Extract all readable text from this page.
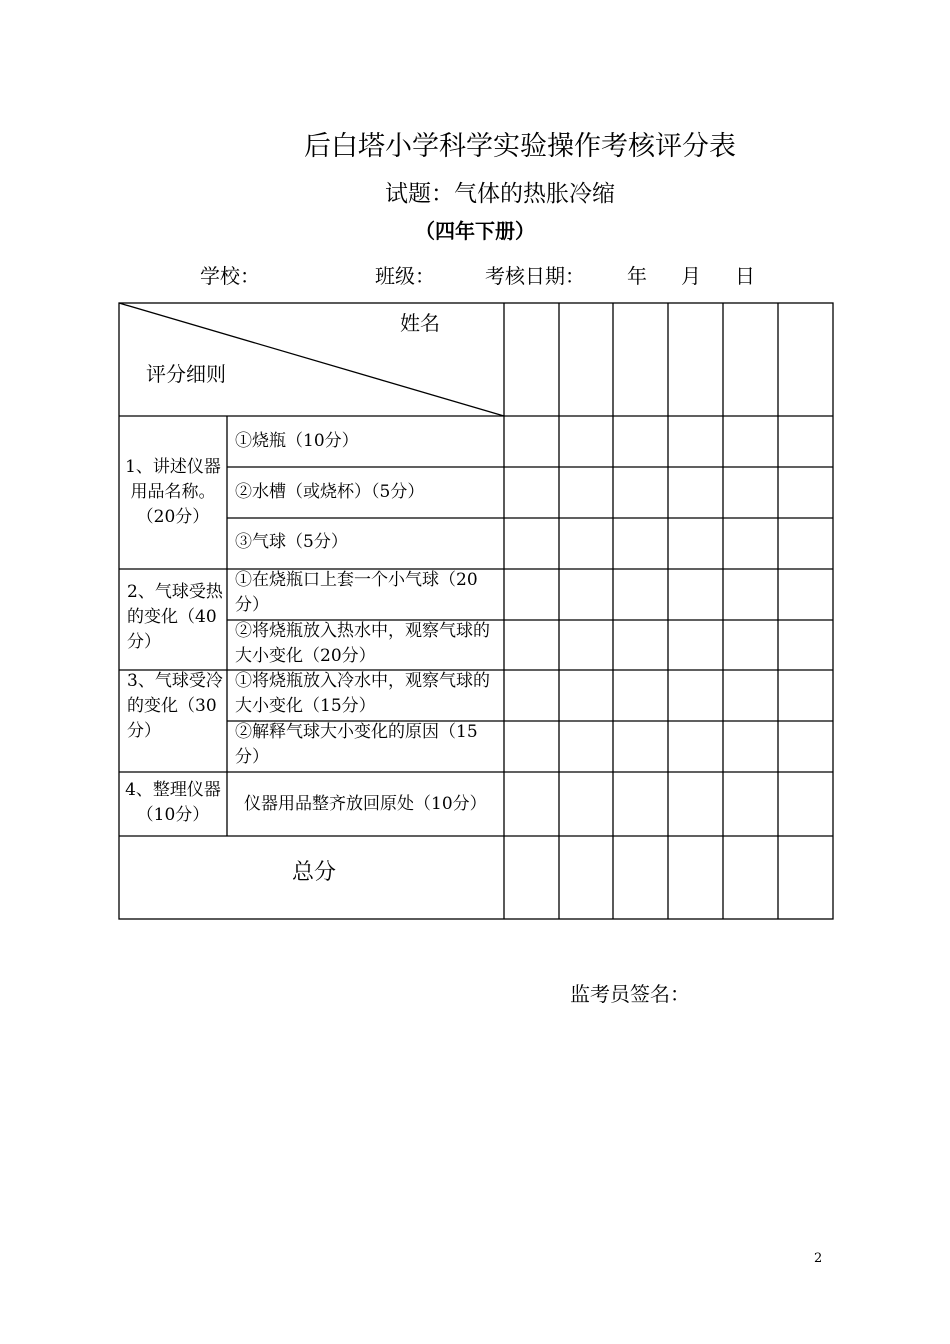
后白塔小学科学实验操作考核评分表
试题：气体的热胀冷缩
（四年下册）
学校：	班级：	考核日期： 年 月 日
姓名
评分细则
1、讲述仪器
用品名称。
（20分）
2、气球受热
的变化（40
分）
3、气球受冷
的变化（30
分）
4、整理仪器
（10分）
①烧瓶（10分）
②水槽（或烧杯）（5分）
③气球（5分）
①在烧瓶口上套一个小气球（20
分）
②将烧瓶放入热水中，观察气球的
大小变化（20分）
①将烧瓶放入冷水中，观察气球的
大小变化（15分）
②解释气球大小变化的原因（15
分）
仪器用品整齐放回原处（10分）
总分
监考员签名：
2
